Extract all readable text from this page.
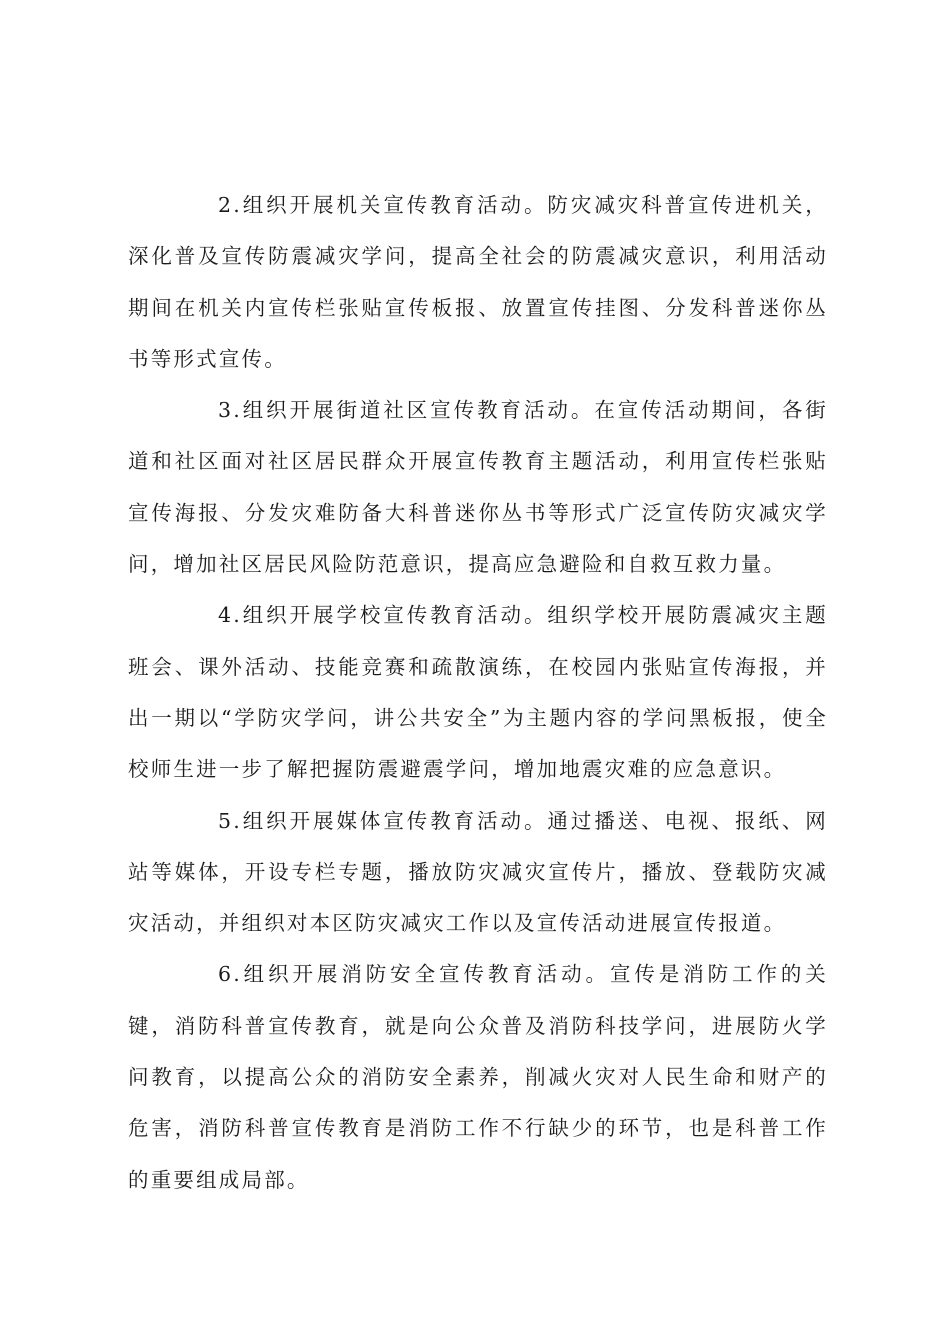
2.组织开展机关宣传教育活动。防灾减灾科普宣传进机关，深化普及宣传防震减灾学问，提高全社会的防震减灾意识，利用活动期间在机关内宣传栏张贴宣传板报、放置宣传挂图、分发科普迷你丛书等形式宣传。

3.组织开展街道社区宣传教育活动。在宣传活动期间，各街道和社区面对社区居民群众开展宣传教育主题活动，利用宣传栏张贴宣传海报、分发灾难防备大科普迷你丛书等形式广泛宣传防灾减灾学问，增加社区居民风险防范意识，提高应急避险和自救互救力量。

4.组织开展学校宣传教育活动。组织学校开展防震减灾主题班会、课外活动、技能竞赛和疏散演练，在校园内张贴宣传海报，并出一期以“学防灾学问，讲公共安全”为主题内容的学问黑板报，使全校师生进一步了解把握防震避震学问，增加地震灾难的应急意识。

5.组织开展媒体宣传教育活动。通过播送、电视、报纸、网站等媒体，开设专栏专题，播放防灾减灾宣传片，播放、登载防灾减灾活动，并组织对本区防灾减灾工作以及宣传活动进展宣传报道。

6.组织开展消防安全宣传教育活动。宣传是消防工作的关键，消防科普宣传教育，就是向公众普及消防科技学问，进展防火学问教育，以提高公众的消防安全素养，削减火灾对人民生命和财产的危害，消防科普宣传教育是消防工作不行缺少的环节，也是科普工作的重要组成局部。
